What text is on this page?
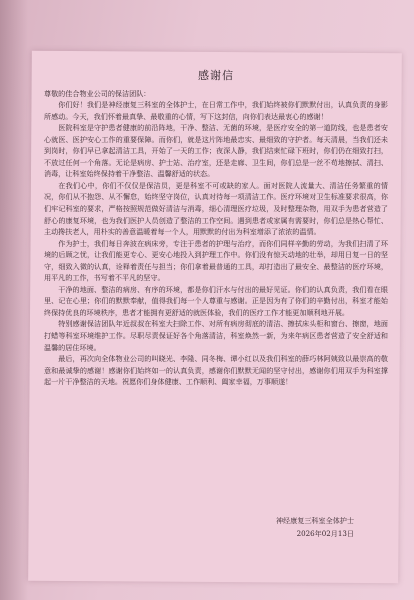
感谢信

尊敬的佳合物业公司的保洁团队：

你们好！我们是神经康复三科室的全体护士，在日常工作中，我们始终被你们默默付出，认真负责的身影所感动。今天，我们怀着最真挚、最敬重的心情，写下这封信，向你们表达最衷心的感谢！

医院科室是守护患者健康的前沿阵地，干净、整洁、无菌的环境，是医疗安全的第一道防线，也是患者安心就医、医护安心工作的重要保障。而你们，就是这片阵地最忠实、最细致的守护者。每天清晨，当我们还未到岗时，你们早已拿起清洁工具，开始了一天的工作；夜深人静，我们结束忙碌下班时，你们仍在细致打扫，不放过任何一个角落。无论是病房、护士站、治疗室，还是走廊、卫生间，你们总是一丝不苟地擦拭、清扫、消毒，让科室始终保持着干净整洁、温馨舒适的状态。

在我们心中，你们不仅仅是保洁员，更是科室不可或缺的家人。面对医院人流量大、清洁任务繁重的情况，你们从不抱怨、从不懈怠，始终坚守岗位，认真对待每一项清洁工作。医疗环境对卫生标准要求很高，你们牢记科室的要求，严格按照规范做好清洁与消毒，细心清理医疗垃圾，及时整理杂物，用双手为患者营造了舒心的康复环境，也为我们医护人员创造了整洁的工作空间。遇到患者或家属有需要时，你们总是热心帮忙、主动搀扶老人，用朴实的善意温暖着每一个人，用默默的付出为科室增添了浓浓的温情。

作为护士，我们每日奔波在病床旁，专注于患者的护理与治疗，而你们同样辛勤的劳动，为我们扫清了环境的后顾之忧，让我们能更专心、更安心地投入到护理工作中。你们没有惊天动地的壮举，却用日复一日的坚守，细致入微的认真，诠释着责任与担当；你们拿着最普通的工具，却打造出了最安全、最整洁的医疗环境，用平凡的工作，书写着不平凡的坚守。

干净的地面、整洁的病房、有序的环境，都是你们汗水与付出的最好见证。你们的认真负责，我们看在眼里、记在心里；你们的默默奉献，值得我们每一个人尊重与感谢。正是因为有了你们的辛勤付出，科室才能始终保持优良的环境秩序，患者才能拥有更舒适的就医体验，我们的医疗工作才能更加顺利地开展。

特别感谢保洁团队年近叔叔在科室大扫除工作、对所有病房彻底的清洁、擦拭床头柜和窗台、擦窗，地面打蜡等科室环境维护工作。尽职尽责保证好各个角落清洁，科室焕然一新，为来年病区患者营造了安全舒适和温馨的居住环境。

最后，再次向全体物业公司的叫晓光、李隆、同冬梅、谭小红以及我们科室的薛巧林阿姨致以最崇高的敬意和最诚挚的感谢！感谢你们始终如一的认真负责，感谢你们默默无闻的坚守付出，感谢你们用双手为科室撑起一片干净整洁的天地。祝愿你们身体健康、工作顺利、阖家幸福，万事顺遂！

神经康复三科室全体护士
2026年02月13日
